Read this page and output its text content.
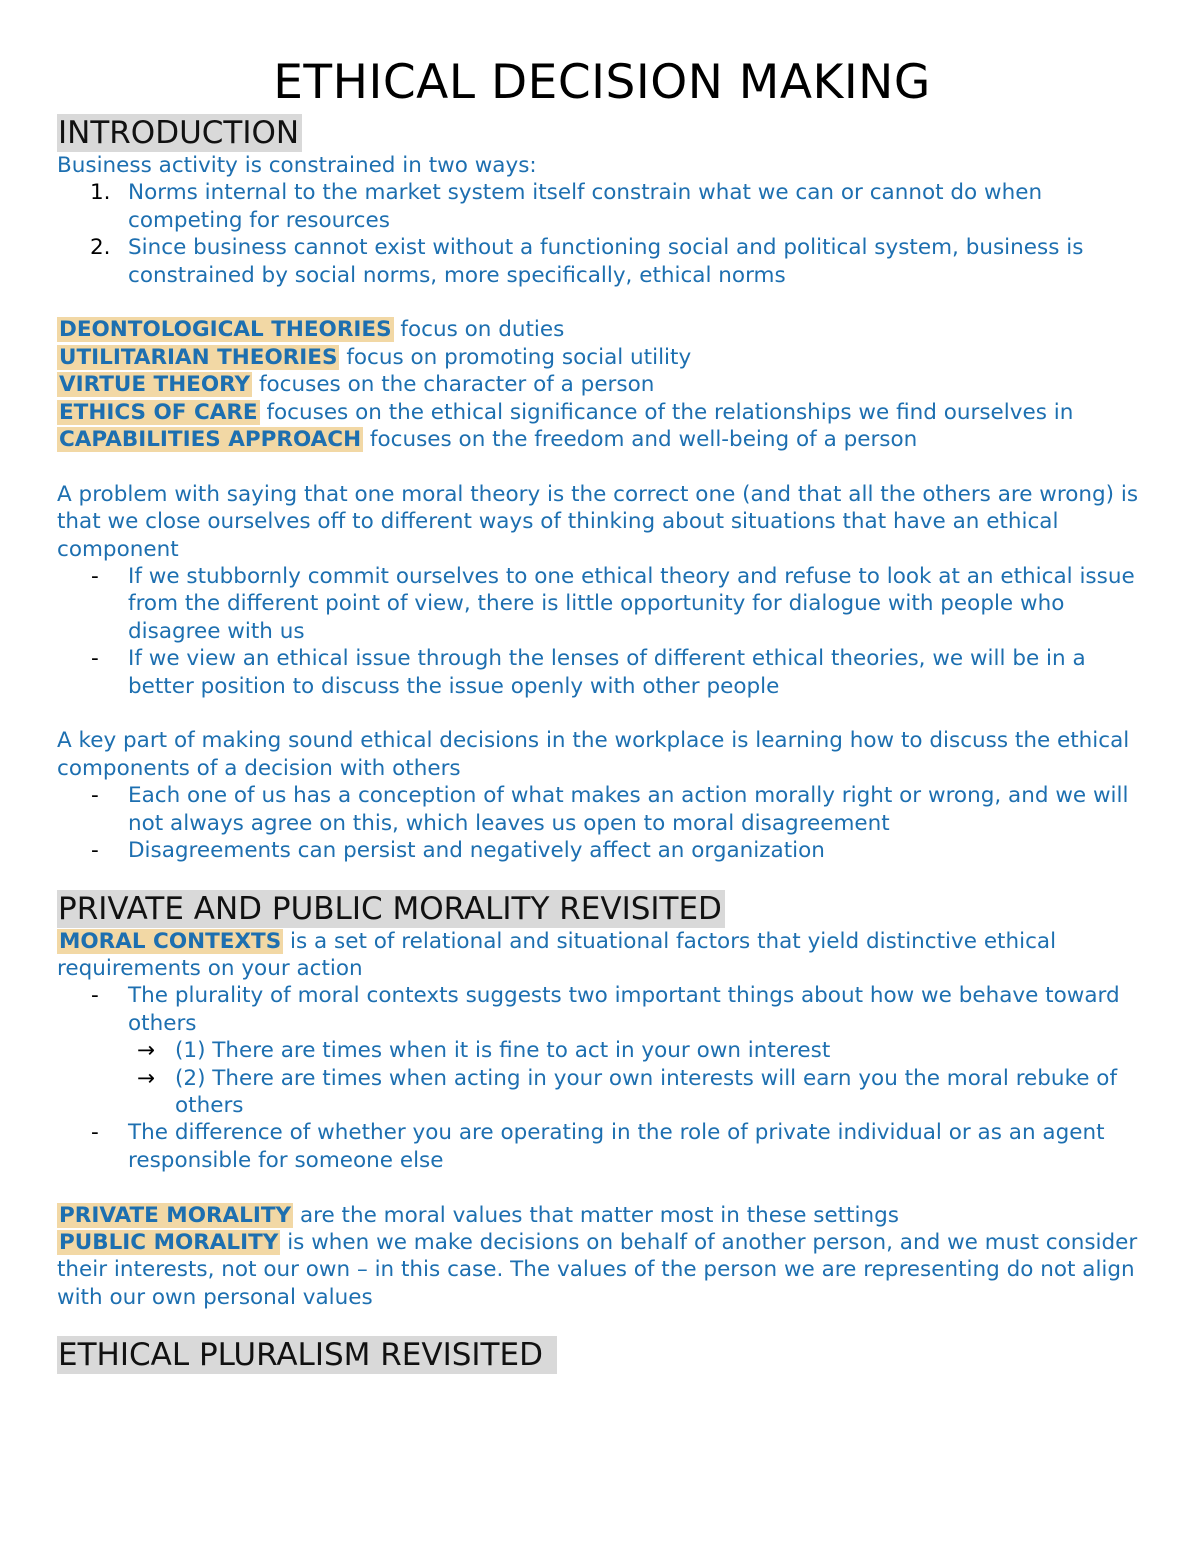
ETHICAL DECISION MAKING
INTRODUCTION

Business activity is constrained in two ways:

1. Norms internal to the market system itself constrain what we can or cannot do when competing for resources
2. Since business cannot exist without a functioning social and political system, business is constrained by social norms, more specifically, ethical norms

DEONTOLOGICAL THEORIES focus on duties

UTILITARIAN THEORIES focus on promoting social utility

VIRTUE THEORY focuses on the character of a person

ETHICS OF CARE focuses on the ethical significance of the relationships we find ourselves in

CAPABILITIES APPROACH focuses on the freedom and well-being of a person

A problem with saying that one moral theory is the correct one (and that all the others are wrong) is that we close ourselves off to different ways of thinking about situations that have an ethical component

- If we stubbornly commit ourselves to one ethical theory and refuse to look at an ethical issue from the different point of view, there is little opportunity for dialogue with people who disagree with us
- If we view an ethical issue through the lenses of different ethical theories, we will be in a better position to discuss the issue openly with other people

A key part of making sound ethical decisions in the workplace is learning how to discuss the ethical components of a decision with others

- Each one of us has a conception of what makes an action morally right or wrong, and we will not always agree on this, which leaves us open to moral disagreement
- Disagreements can persist and negatively affect an organization
PRIVATE AND PUBLIC MORALITY REVISITED

MORAL CONTEXTS is a set of relational and situational factors that yield distinctive ethical requirements on your action

- The plurality of moral contexts suggests two important things about how we behave toward others
→ (1) There are times when it is fine to act in your own interest
→ (2) There are times when acting in your own interests will earn you the moral rebuke of others
- The difference of whether you are operating in the role of private individual or as an agent responsible for someone else

PRIVATE MORALITY are the moral values that matter most in these settings

PUBLIC MORALITY is when we make decisions on behalf of another person, and we must consider their interests, not our own – in this case. The values of the person we are representing do not align with our own personal values

ETHICAL PLURALISM REVISITED
